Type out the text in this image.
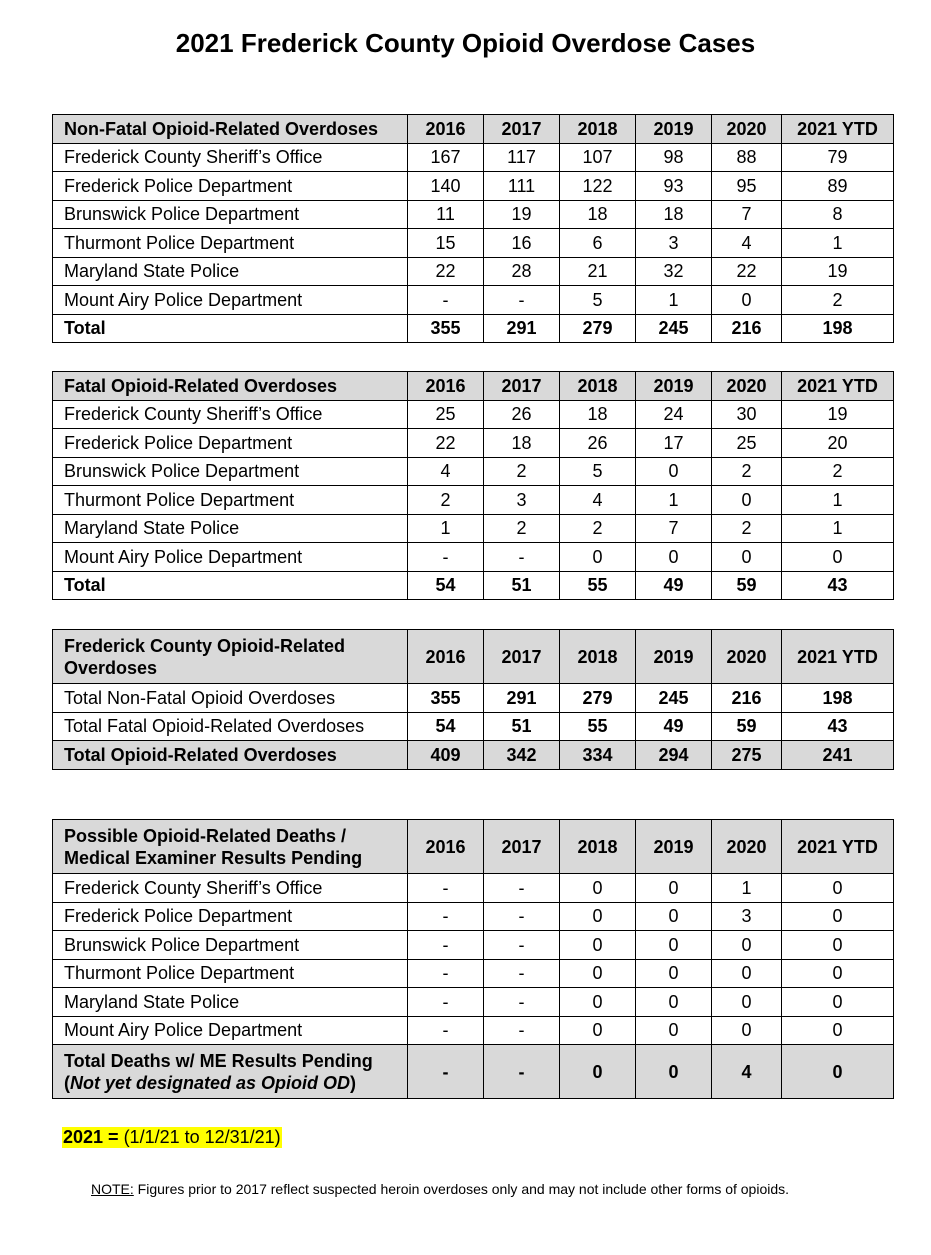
2021 Frederick County Opioid Overdose Cases
Non-Fatal Opioid-Related Overdoses	2016	2017	2018	2019	2020	2021 YTD
Frederick County Sheriff’s Office	167	117	107	98	88	79
Frederick Police Department	140	111	122	93	95	89
Brunswick Police Department	11	19	18	18	7	8
Thurmont Police Department	15	16	6	3	4	1
Maryland State Police	22	28	21	32	22	19
Mount Airy Police Department	-	-	5	1	0	2
Total	355	291	279	245	216	198
Fatal Opioid-Related Overdoses	2016	2017	2018	2019	2020	2021 YTD
Frederick County Sheriff’s Office	25	26	18	24	30	19
Frederick Police Department	22	18	26	17	25	20
Brunswick Police Department	4	2	5	0	2	2
Thurmont Police Department	2	3	4	1	0	1
Maryland State Police	1	2	2	7	2	1
Mount Airy Police Department	-	-	0	0	0	0
Total	54	51	55	49	59	43
Frederick County Opioid-Related Overdoses	2016	2017	2018	2019	2020	2021 YTD
Total Non-Fatal Opioid Overdoses	355	291	279	245	216	198
Total Fatal Opioid-Related Overdoses	54	51	55	49	59	43
Total Opioid-Related Overdoses	409	342	334	294	275	241
Possible Opioid-Related Deaths /
Medical Examiner Results Pending	2016	2017	2018	2019	2020	2021 YTD
Frederick County Sheriff’s Office	-	-	0	0	1	0
Frederick Police Department	-	-	0	0	3	0
Brunswick Police Department	-	-	0	0	0	0
Thurmont Police Department	-	-	0	0	0	0
Maryland State Police	-	-	0	0	0	0
Mount Airy Police Department	-	-	0	0	0	0
Total Deaths w/ ME Results Pending
(Not yet designated as Opioid OD)	-	-	0	0	4	0
2021 = (1/1/21 to 12/31/21)
NOTE: Figures prior to 2017 reflect suspected heroin overdoses only and may not include other forms of opioids.
